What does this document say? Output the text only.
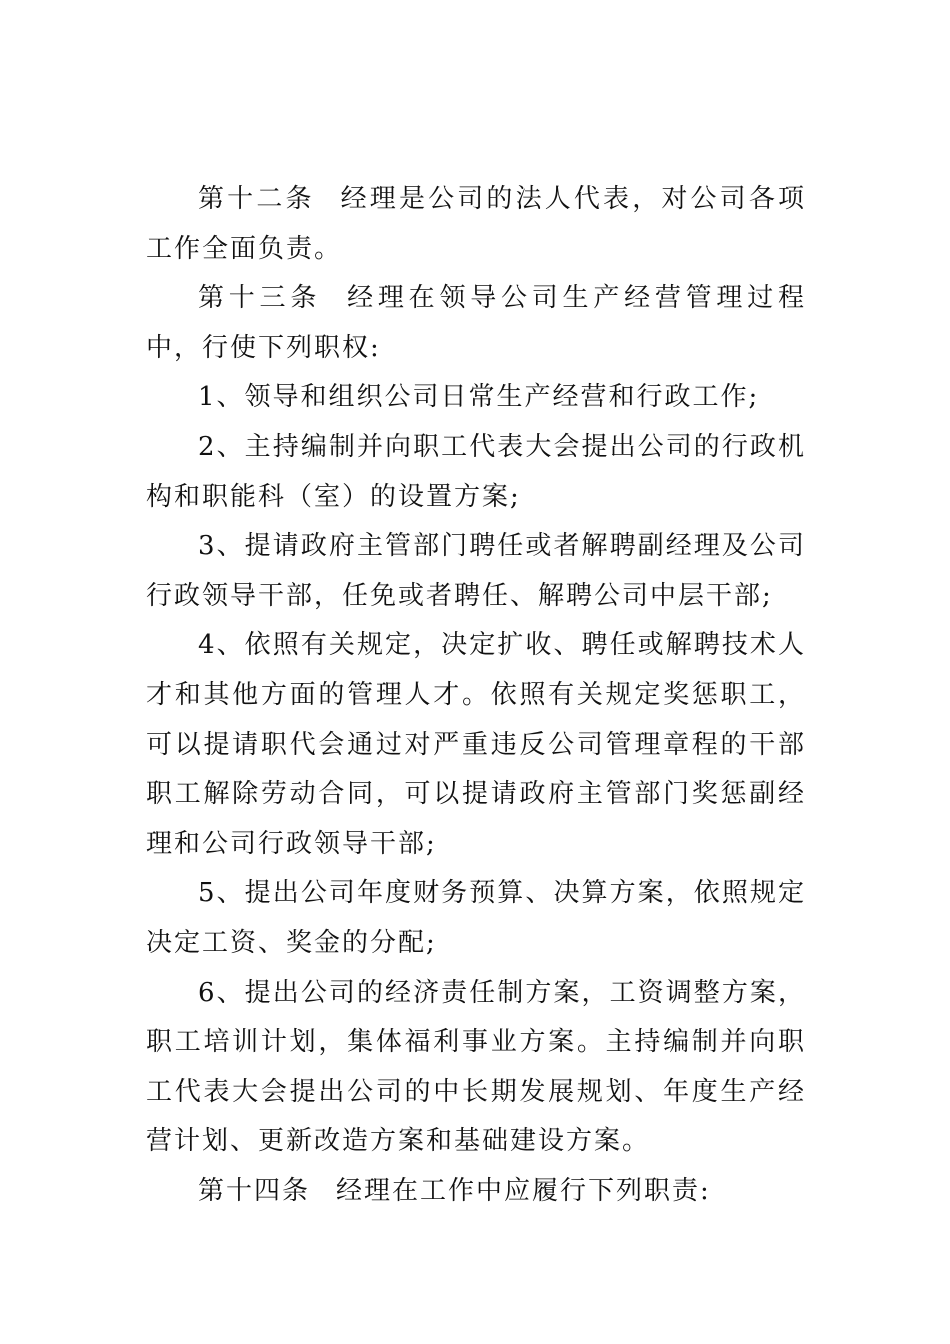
第十二条 经理是公司的法人代表，对公司各项工作全面负责。

第十三条 经理在领导公司生产经营管理过程中，行使下列职权:

1、领导和组织公司日常生产经营和行政工作;

2、主持编制并向职工代表大会提出公司的行政机构和职能科（室）的设置方案;

3、提请政府主管部门聘任或者解聘副经理及公司行政领导干部，任免或者聘任、解聘公司中层干部;

4、依照有关规定，决定扩收、聘任或解聘技术人才和其他方面的管理人才。依照有关规定奖惩职工，可以提请职代会通过对严重违反公司管理章程的干部职工解除劳动合同，可以提请政府主管部门奖惩副经理和公司行政领导干部;

5、提出公司年度财务预算、决算方案，依照规定决定工资、奖金的分配;

6、提出公司的经济责任制方案，工资调整方案，职工培训计划，集体福利事业方案。主持编制并向职工代表大会提出公司的中长期发展规划、年度生产经营计划、更新改造方案和基础建设方案。

第十四条 经理在工作中应履行下列职责:
